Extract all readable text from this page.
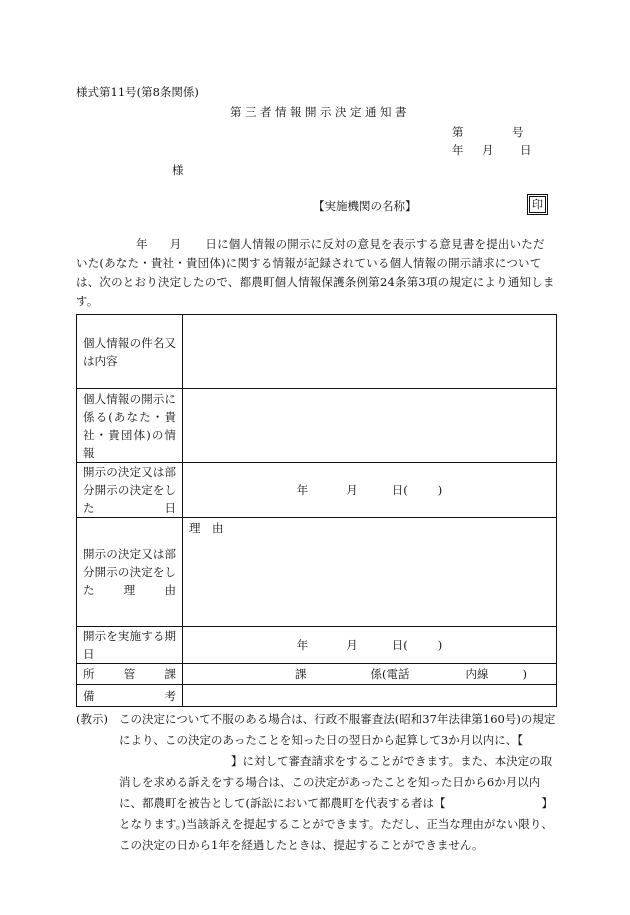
様式第11号(第8条関係)
第三者情報開示決定通知書
第	号
年 月 日
様
【実施機関の名称】	印
年 月 日に個人情報の開示に反対の意見を表示する意見書を提出いただいた(あなた・貴社・貴団体)に関する情報が記録されている個人情報の開示請求については、次のとおり決定したので、都農町個人情報保護条例第24条第3項の規定により通知します。
個人情報の件名又は内容	
個人情報の開示に係る(あなた・貴社・貴団体)の情報	
開示の決定又は部分開示の決定をした日	年 月 日( )
開示の決定又は部分開示の決定をした理由	理　由
開示を実施する期日	年 月 日( )
所管課	課 係(電話 内線 )
備考	
(教示) この決定について不服のある場合は、行政不服審査法(昭和37年法律第160号)の規定により、この決定のあったことを知った日の翌日から起算して3か月以内に、【】に対して審査請求をすることができます。また、本決定の取消しを求める訴えをする場合は、この決定があったことを知った日から6か月以内に、都農町を被告として(訴訟において都農町を代表する者は【	】となります。)当該訴えを提起することができます。ただし、正当な理由がない限り、この決定の日から1年を経過したときは、提起することができません。
